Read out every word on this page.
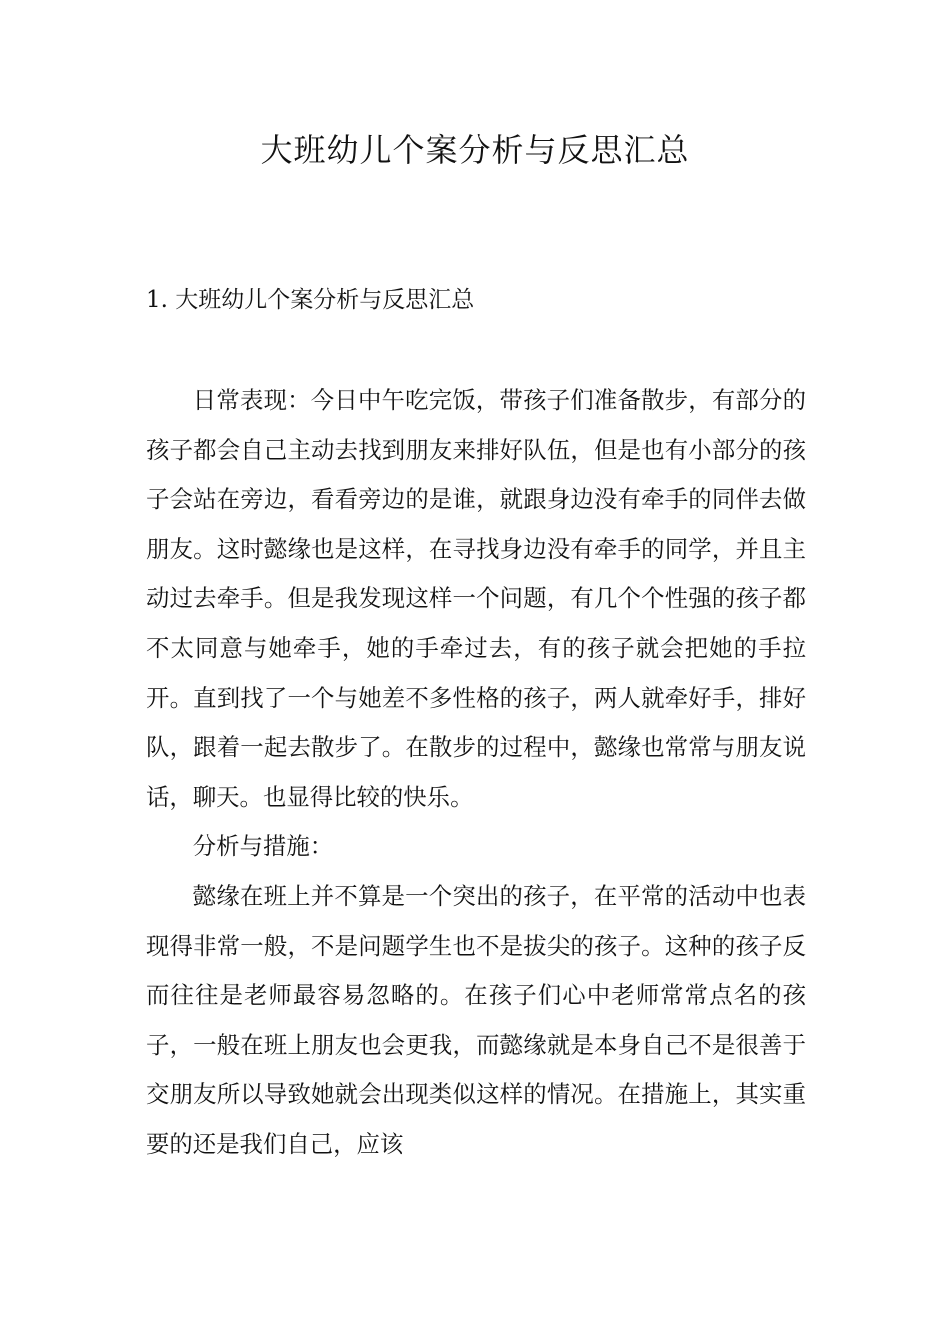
大班幼儿个案分析与反思汇总
1. 大班幼儿个案分析与反思汇总

日常表现：今日中午吃完饭，带孩子们准备散步，有部分的孩子都会自己主动去找到朋友来排好队伍，但是也有小部分的孩子会站在旁边，看看旁边的是谁，就跟身边没有牵手的同伴去做朋友。这时懿缘也是这样，在寻找身边没有牵手的同学，并且主动过去牵手。但是我发现这样一个问题，有几个个性强的孩子都不太同意与她牵手，她的手牵过去，有的孩子就会把她的手拉开。直到找了一个与她差不多性格的孩子，两人就牵好手，排好队，跟着一起去散步了。在散步的过程中，懿缘也常常与朋友说话，聊天。也显得比较的快乐。

分析与措施：

懿缘在班上并不算是一个突出的孩子，在平常的活动中也表现得非常一般，不是问题学生也不是拔尖的孩子。这种的孩子反而往往是老师最容易忽略的。在孩子们心中老师常常点名的孩子，一般在班上朋友也会更我，而懿缘就是本身自己不是很善于交朋友所以导致她就会出现类似这样的情况。在措施上，其实重要的还是我们自己，应该
